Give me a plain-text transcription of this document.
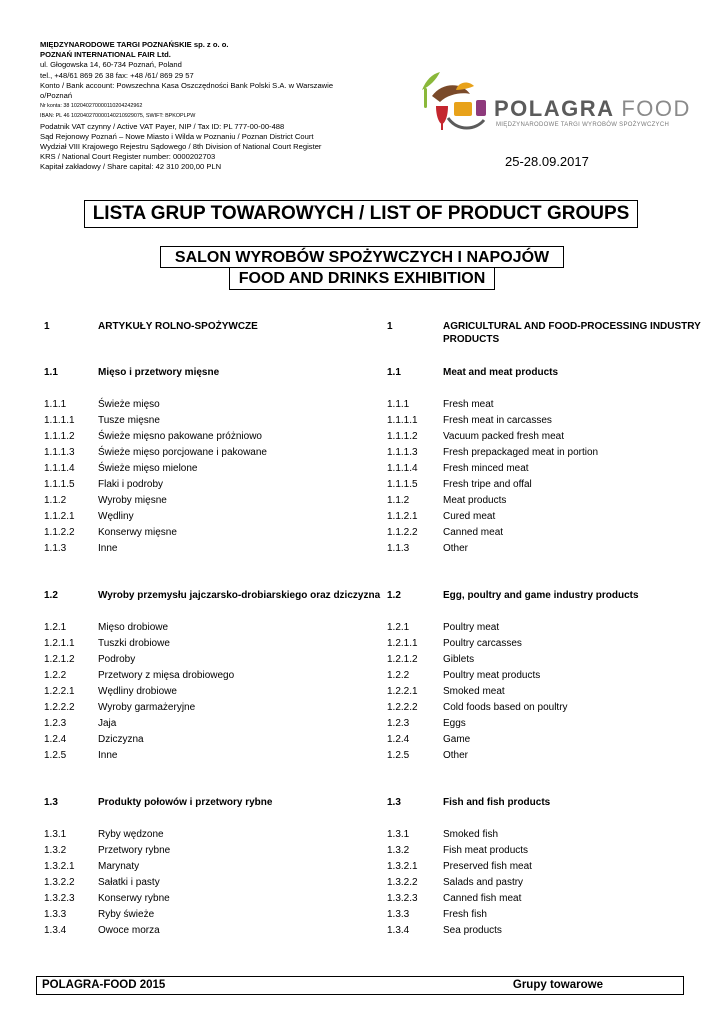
MIĘDZYNARODOWE TARGI POZNAŃSKIE sp. z o. o.
POZNAŃ INTERNATIONAL FAIR Ltd.
ul. Głogowska 14, 60-734 Poznań, Poland
tel., +48/61 869 26 38 fax: +48 /61/ 869 29 57
Konto / Bank account: Powszechna Kasa Oszczędności Bank Polski S.A. w Warszawie o/Poznań
Nr konta: 38 102040270000110204242962
IBAN: PL 46 10204027000014021092907​5, SWIFT: BPKOPLPW
Podatnik VAT czynny / Active VAT Payer, NIP / Tax ID: PL 777-00-00-488
Sąd Rejonowy Poznań – Nowe Miasto i Wilda w Poznaniu / Poznan District Court
Wydział VIII Krajowego Rejestru Sądowego / 8th Division of National Court Register
KRS / National Court Register number: 0000202703
Kapitał zakładowy / Share capital: 42 310 200,00 PLN
POLAGRA FOOD
MIĘDZYNARODOWE TARGI WYROBÓW SPOŻYWCZYCH
25-28.09.2017
LISTA GRUP TOWAROWYCH / LIST OF PRODUCT GROUPS
SALON WYROBÓW SPOŻYWCZYCH I NAPOJÓW
FOOD AND DRINKS EXHIBITION
1	ARTYKUŁY ROLNO-SPOŻYWCZE	1	AGRICULTURAL AND FOOD-PROCESSING INDUSTRY
PRODUCTS
1.1	Mięso i przetwory mięsne	1.1	Meat and meat products
1.1.1	Świeże mięso	1.1.1	Fresh meat
1.1.1.1 Tusze mięsne	1.1.1.1	Fresh meat in carcasses
1.1.1.2 Świeże mięsno pakowane próżniowo	1.1.1.2	Vacuum packed fresh meat
1.1.1.3 Świeże mięso porcjowane i pakowane	1.1.1.3	Fresh prepackaged meat in portion
1.1.1.4 Świeże mięso mielone	1.1.1.4	Fresh minced meat
1.1.1.5 Flaki i podroby	1.1.1.5	Fresh tripe and offal
1.1.2	Wyroby mięsne	1.1.2	Meat products
1.1.2.1 Wędliny	1.1.2.1	Cured meat
1.1.2.2 Konserwy mięsne	1.1.2.2	Canned meat
1.1.3	Inne	1.1.3	Other
1.2	Wyroby przemysłu jajczarsko-drobiarskiego oraz dziczyzna 1.2	Egg, poultry and game industry products
1.2.1	Mięso drobiowe	1.2.1	Poultry meat
1.2.1.1 Tuszki drobiowe	1.2.1.1	Poultry carcasses
1.2.1.2 Podroby	1.2.1.2	Giblets
1.2.2	Przetwory z mięsa drobiowego	1.2.2	Poultry meat products
1.2.2.1 Wędliny drobiowe	1.2.2.1	Smoked meat
1.2.2.2 Wyroby garmażeryjne	1.2.2.2	Cold foods based on poultry
1.2.3	Jaja	1.2.3	Eggs
1.2.4	Dziczyzna	1.2.4	Game
1.2.5	Inne	1.2.5	Other
1.3	Produkty połowów i przetwory rybne	1.3	Fish and fish products
1.3.1	Ryby wędzone	1.3.1	Smoked fish
1.3.2	Przetwory rybne	1.3.2	Fish meat products
1.3.2.1 Marynaty	1.3.2.1	Preserved fish meat
1.3.2.2 Sałatki i pasty	1.3.2.2	Salads and pastry
1.3.2.3 Konserwy rybne	1.3.2.3	Canned fish meat
1.3.3	Ryby świeże	1.3.3	Fresh fish
1.3.4	Owoce morza	1.3.4	Sea products
POLAGRA-FOOD 2015	Grupy towarowe
